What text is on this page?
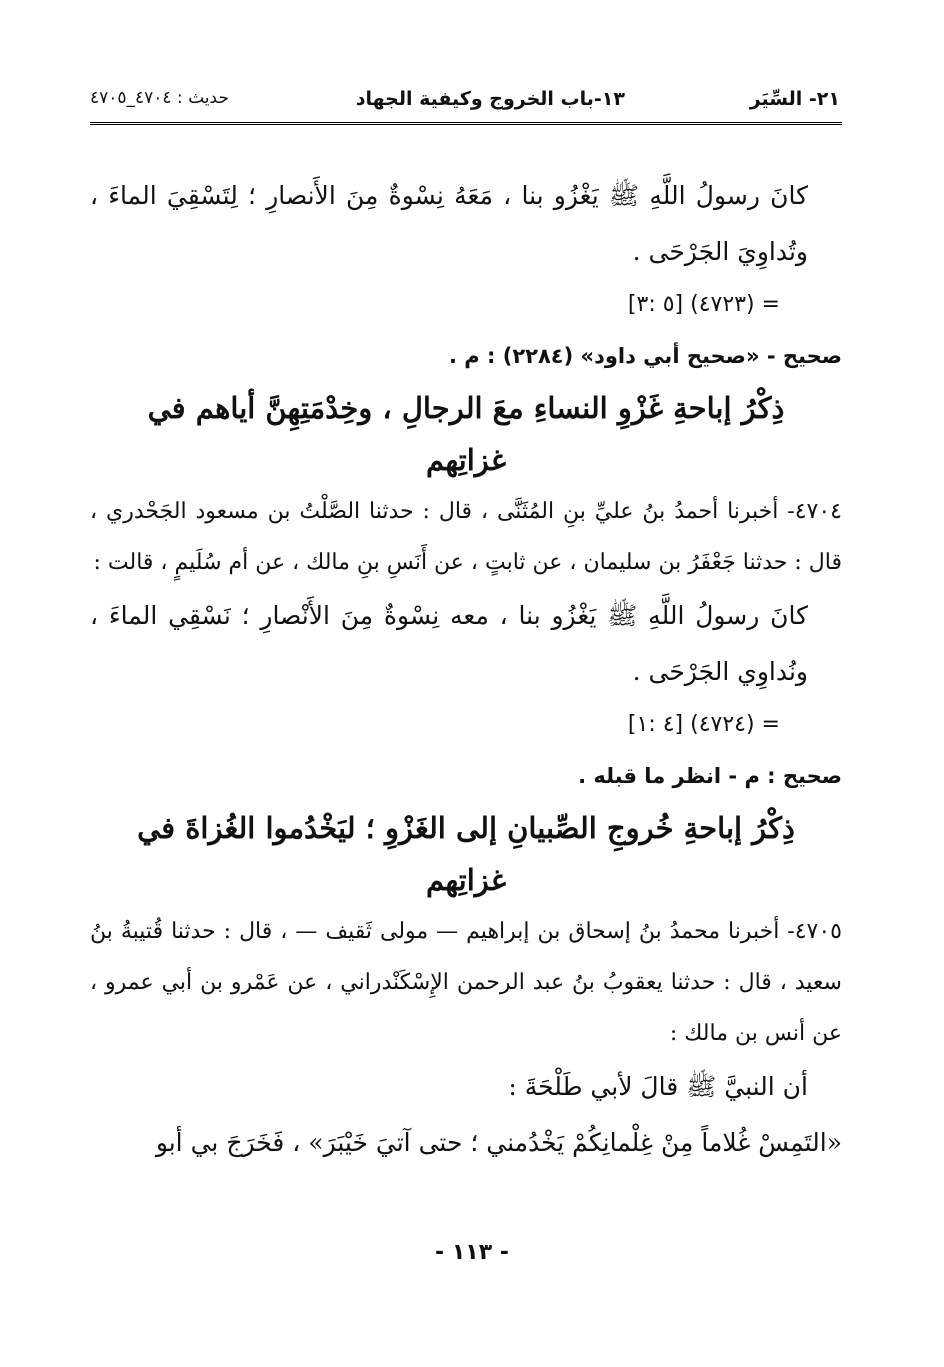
٢١- السِّيَر
١٣-باب الخروج وكيفية الجهاد
حديث : ٤٧٠٤_٤٧٠٥

كانَ رسولُ اللَّهِ ﷺ يَغْزُو بنا ، مَعَهُ نِسْوةٌ مِنَ الأَنصارِ ؛ لِتَسْقِيَ الماءَ ، وتُداوِيَ الجَرْحَى .

= (٤٧٢٣) [٥ :٣]

صحيح - «صحيح أبي داود» (٢٢٨٤) : م .

ذِكْرُ إباحةِ غَزْوِ النساءِ معَ الرجالِ ، وخِدْمَتِهِنَّ أياهم في غزاتِهم

٤٧٠٤- أخبرنا أحمدُ بنُ عليِّ بنِ المُثَنَّى ، قال : حدثنا الصَّلْتُ بن مسعود الجَحْدري ، قال : حدثنا جَعْفَرُ بن سليمان ، عن ثابتٍ ، عن أَنَسِ بنِ مالك ، عن أم سُلَيمٍ ، قالت :

كانَ رسولُ اللَّهِ ﷺ يَغْزُو بنا ، معه نِسْوةٌ مِنَ الأَنْصارِ ؛ نَسْقِي الماءَ ، ونُداوِي الجَرْحَى .

= (٤٧٢٤) [٤ :١]

صحيح : م - انظر ما قبله .

ذِكْرُ إباحةِ خُروجِ الصِّبيانِ إلى الغَزْوِ ؛ ليَخْدُموا الغُزاةَ في غزاتِهم

٤٧٠٥- أخبرنا محمدُ بنُ إسحاق بن إبراهيم — مولى ثَقيف — ، قال : حدثنا قُتيبةُ بنُ سعيد ، قال : حدثنا يعقوبُ بنُ عبد الرحمن الإِسْكَنْدراني ، عن عَمْرو بن أبي عمرو ، عن أنس بن مالك :

أن النبيَّ ﷺ قالَ لأبي طَلْحَةَ :

«التَمِسْ غُلاماً مِنْ غِلْمانِكُمْ يَخْدُمني ؛ حتى آتيَ خَيْبَرَ» ، فَخَرَجَ بي أبو

- ١١٣ -
